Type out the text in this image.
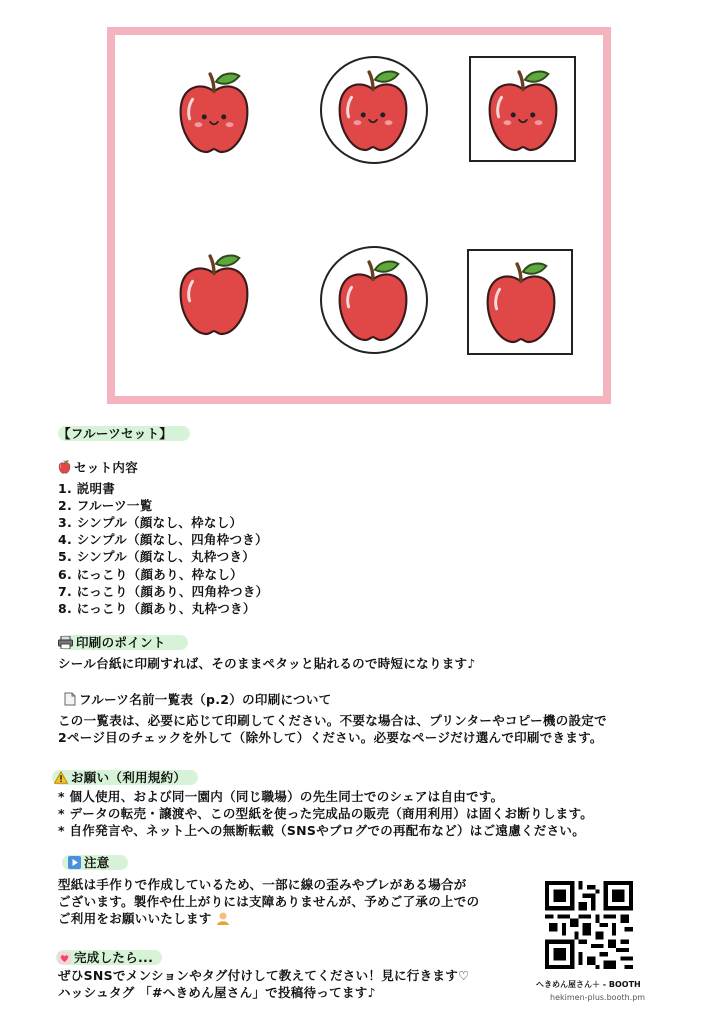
【フルーツセット】
セット内容
1. 説明書
2. フルーツ一覧
3. シンプル（顔なし、枠なし）
4. シンプル（顔なし、四角枠つき）
5. シンプル（顔なし、丸枠つき）
6. にっこり（顔あり、枠なし）
7. にっこり（顔あり、四角枠つき）
8. にっこり（顔あり、丸枠つき）
印刷のポイント
シール台紙に印刷すれば、そのままペタッと貼れるので時短になります♪
フルーツ名前一覧表（p.2）の印刷について
この一覧表は、必要に応じて印刷してください。不要な場合は、プリンターやコピー機の設定で
2ページ目のチェックを外して（除外して）ください。必要なページだけ選んで印刷できます。
お願い（利用規約）
* 個人使用、および同一園内（同じ職場）の先生同士でのシェアは自由です。
* データの転売・譲渡や、この型紙を使った完成品の販売（商用利用）は固くお断りします。
* 自作発言や、ネット上への無断転載（SNSやブログでの再配布など）はご遠慮ください。
注意
型紙は手作りで作成しているため、一部に線の歪みやブレがある場合が
ございます。製作や仕上がりには支障ありませんが、予めご了承の上での
ご利用をお願いいたします
完成したら...
ぜひSNSでメンションやタグ付けして教えてください！見に行きます♡
ハッシュタグ 「#へきめん屋さん」で投稿待ってます♪
へきめん屋さん＋ - BOOTH
hekimen-plus.booth.pm
